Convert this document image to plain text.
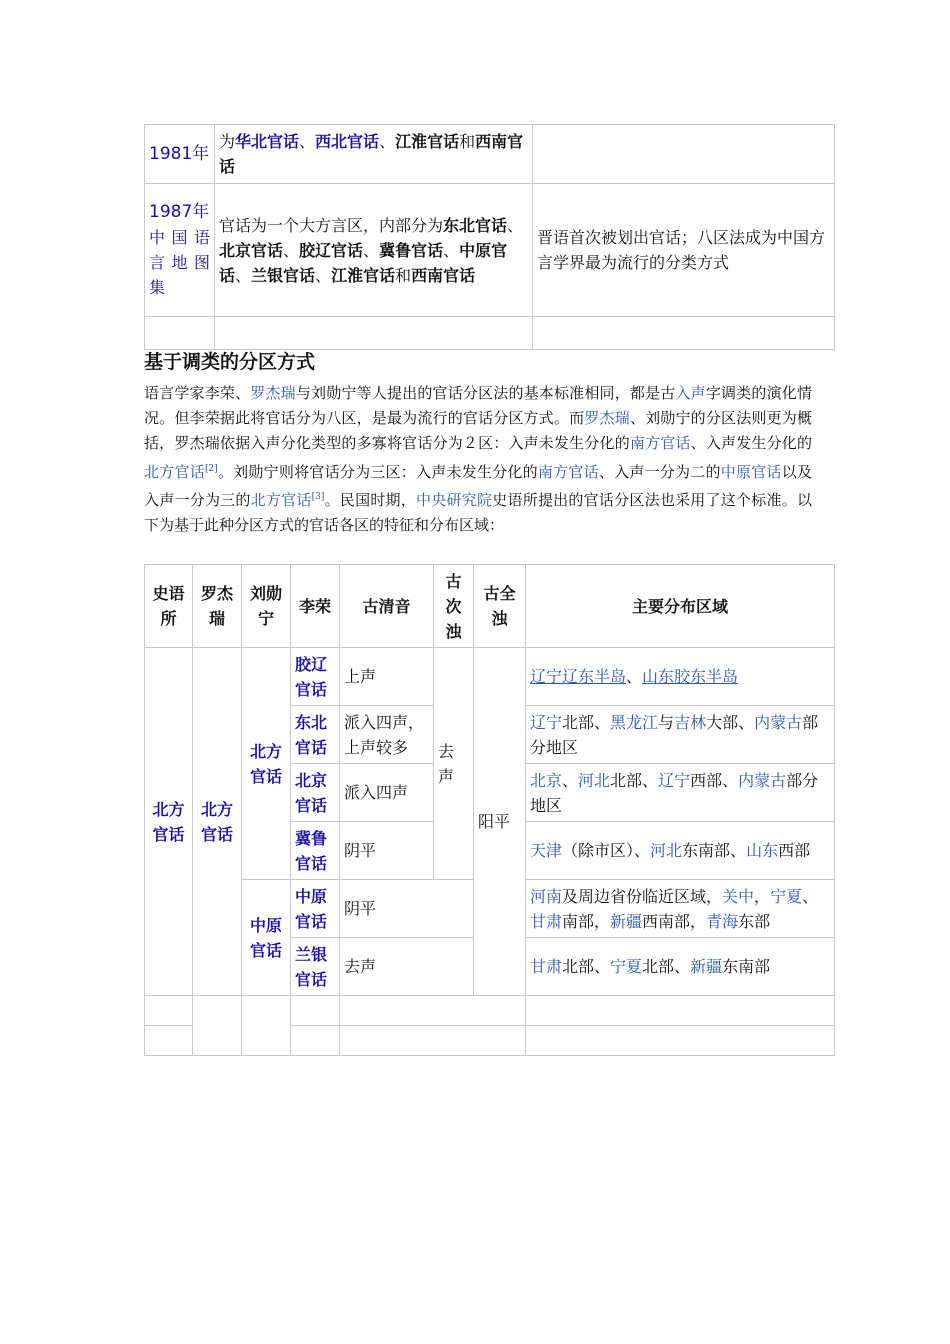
1981年	为华北官话、西北官话、江淮官话和西南官话	

1987年
中国语言地图集	官话为一个大方言区，内部分为东北官话、北京官话、胶辽官话、冀鲁官话、中原官话、兰银官话、江淮官话和西南官话	晋语首次被划出官话；八区法成为中国方言学界最为流行的分类方式

基于调类的分区方式

语言学家李荣、罗杰瑞与刘勋宁等人提出的官话分区法的基本标准相同，都是古入声字调类的演化情况。但李荣据此将官话分为八区，是最为流行的官话分区方式。而罗杰瑞、刘勋宁的分区法则更为概括，罗杰瑞依据入声分化类型的多寡将官话分为２区：入声未发生分化的南方官话、入声发生分化的北方官话[2]。刘勋宁则将官话分为三区：入声未发生分化的南方官话、入声一分为二的中原官话以及入声一分为三的北方官话[3]。民国时期，中央研究院史语所提出的官话分区法也采用了这个标准。以下为基于此种分区方式的官话各区的特征和分布区域：

史语所	罗杰瑞	刘勋宁	李荣	古清音	古次浊	古全浊	主要分布区域
北方官话	北方官话	北方官话	胶辽官话	上声	去声	阳平	辽宁辽东半岛、山东胶东半岛
			东北官话	派入四声，上声较多			辽宁北部、黑龙江与吉林大部、内蒙古部分地区
			北京官话	派入四声			北京、河北北部、辽宁西部、内蒙古部分地区
			冀鲁官话	阴平			天津（除市区）、河北东南部、山东西部
		中原官话	中原官话	阴平			河南及周边省份临近区域，关中，宁夏、甘肃南部，新疆西南部，青海东部
			兰银官话	去声			甘肃北部、宁夏北部、新疆东南部
